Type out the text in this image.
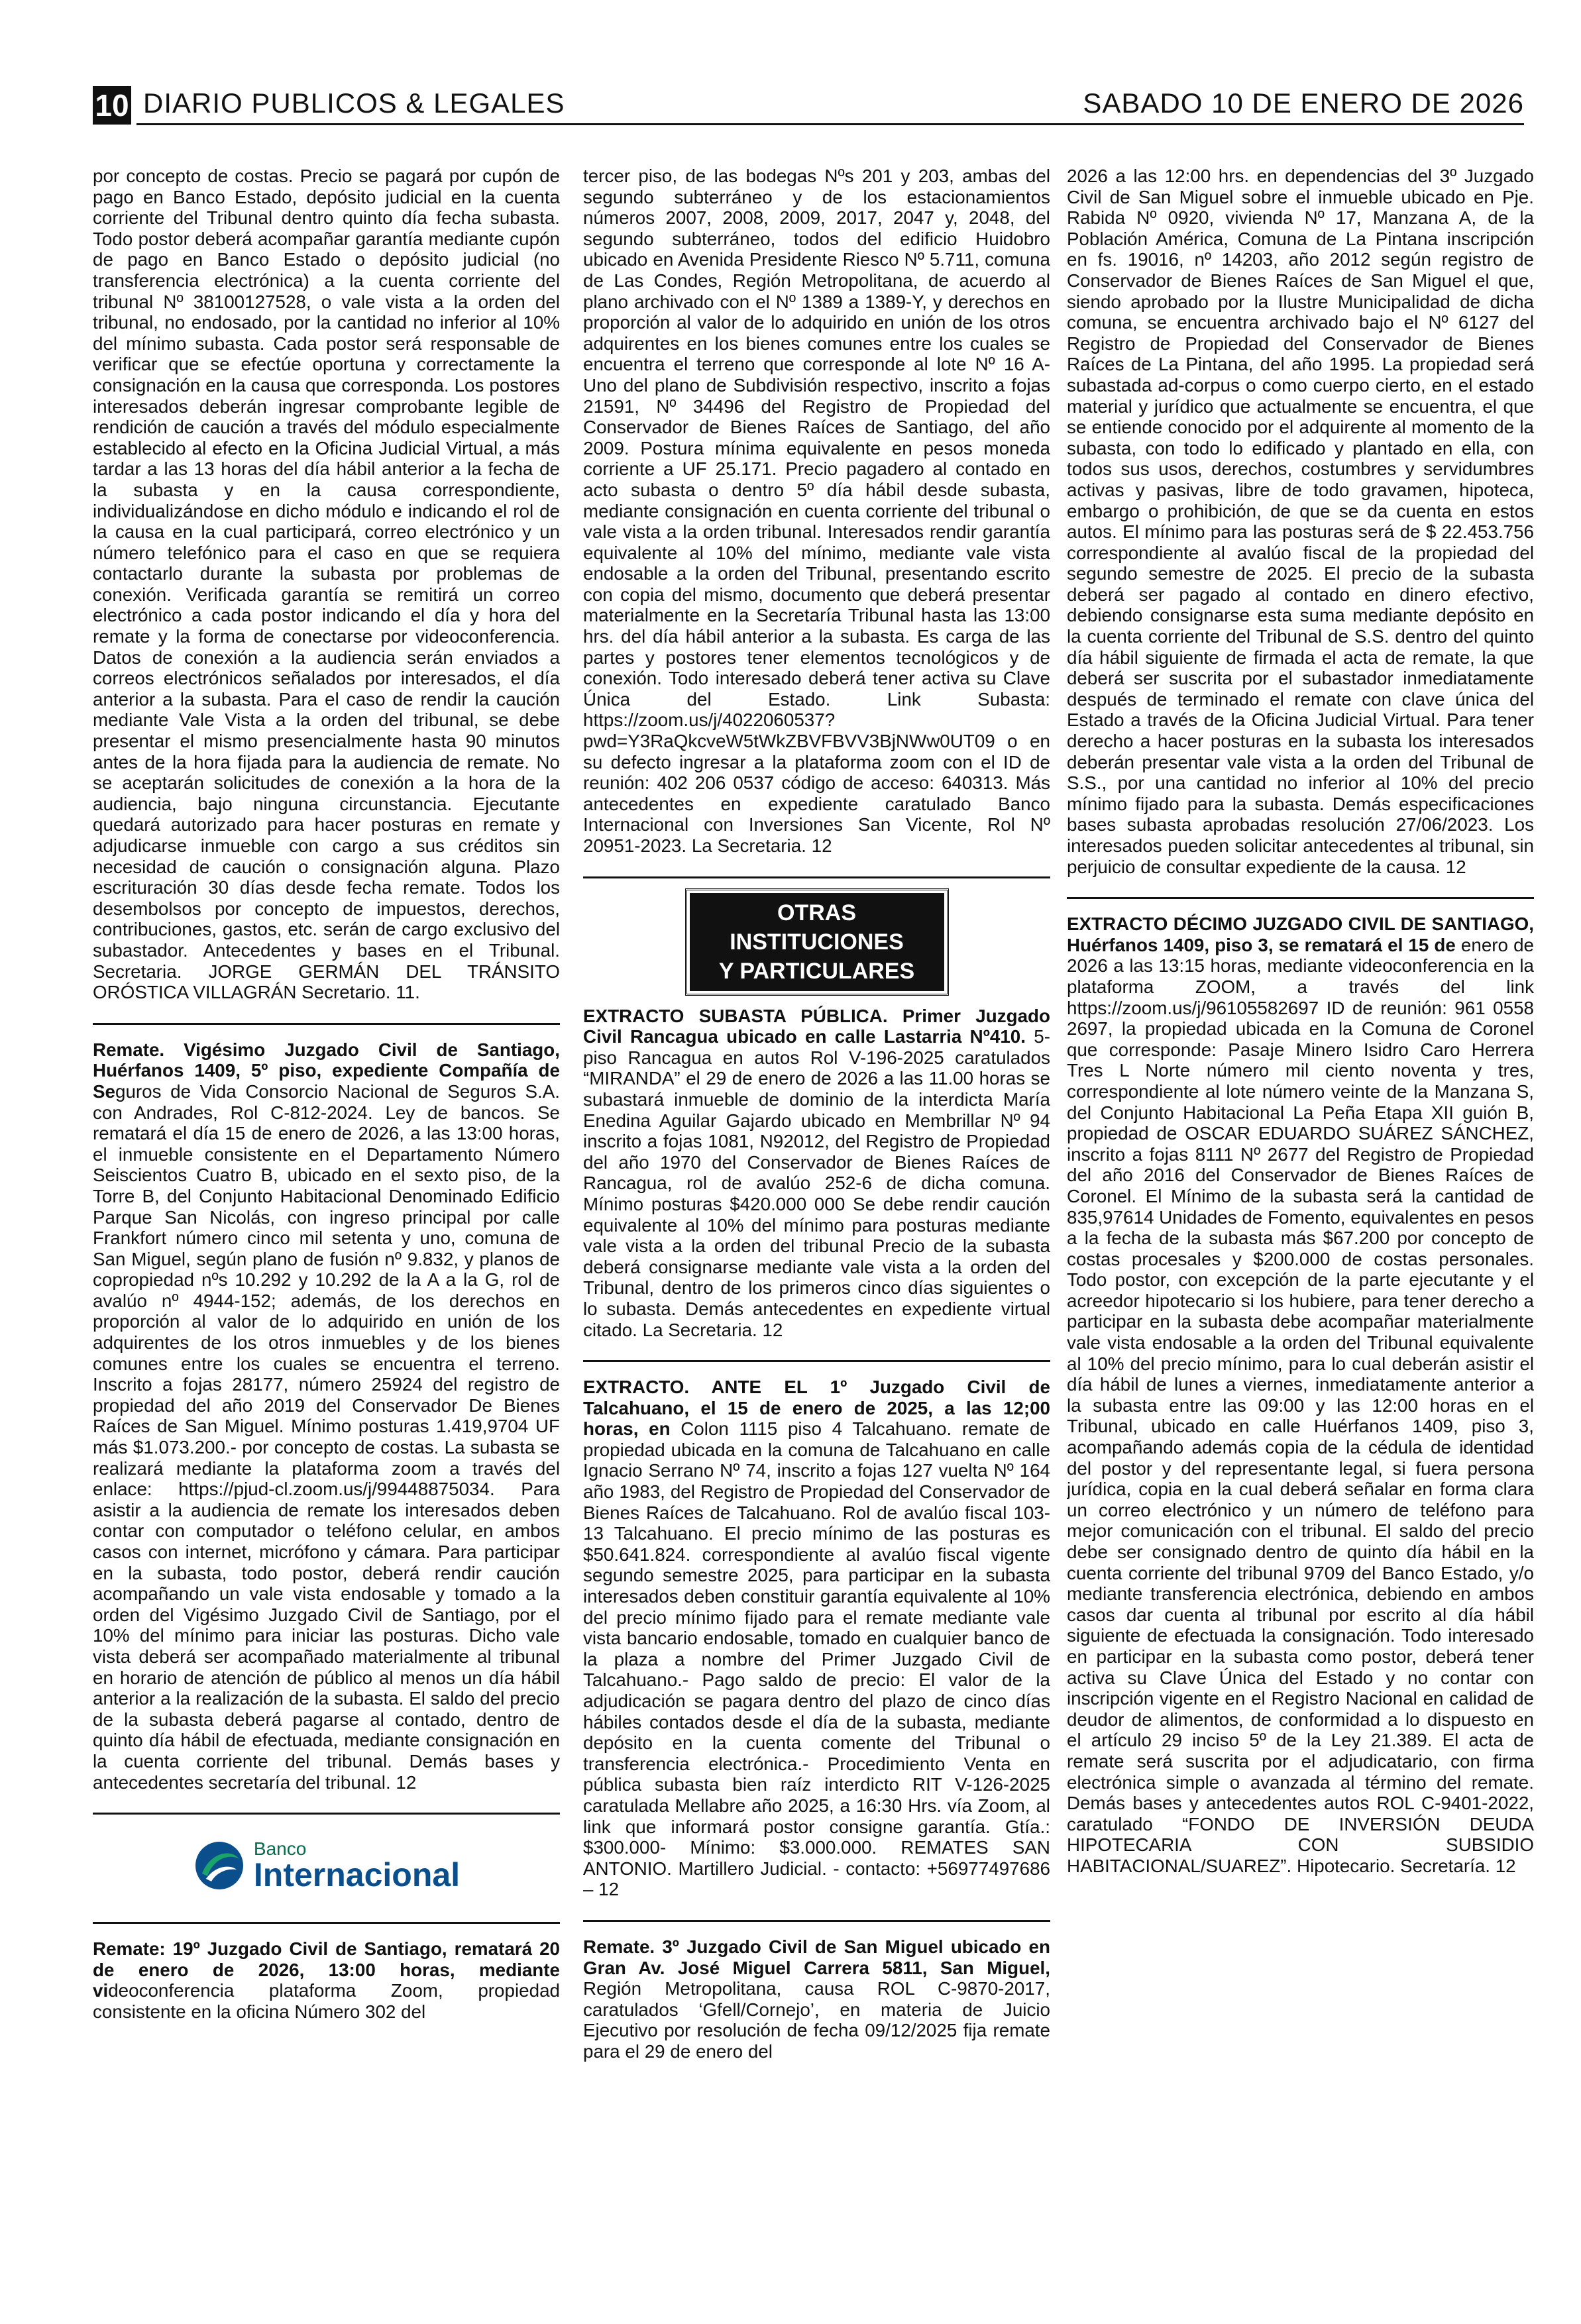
10 DIARIO PUBLICOS & LEGALES	SABADO 10 DE ENERO DE 2026

por concepto de costas. Precio se pagará por cupón de pago en Banco Estado, depósito judicial en la cuenta corriente del Tribunal dentro quinto día fecha subasta. Todo postor deberá acompañar garantía mediante cupón de pago en Banco Estado o depósito judicial (no transferencia electrónica) a la cuenta corriente del tribunal Nº 38100127528, o vale vista a la orden del tribunal, no endosado, por la cantidad no inferior al 10% del mínimo subasta. Cada postor será responsable de verificar que se efectúe oportuna y correctamente la consignación en la causa que corresponda. Los postores interesados deberán ingresar comprobante legible de rendición de caución a través del módulo especialmente establecido al efecto en la Oficina Judicial Virtual, a más tardar a las 13 horas del día hábil anterior a la fecha de la subasta y en la causa correspondiente, individualizándose en dicho módulo e indicando el rol de la causa en la cual participará, correo electrónico y un número telefónico para el caso en que se requiera contactarlo durante la subasta por problemas de conexión. Verificada garantía se remitirá un correo electrónico a cada postor indicando el día y hora del remate y la forma de conectarse por videoconferencia. Datos de conexión a la audiencia serán enviados a correos electrónicos señalados por interesados, el día anterior a la subasta. Para el caso de rendir la caución mediante Vale Vista a la orden del tribunal, se debe presentar el mismo presencialmente hasta 90 minutos antes de la hora fijada para la audiencia de remate. No se aceptarán solicitudes de conexión a la hora de la audiencia, bajo ninguna circunstancia. Ejecutante quedará autorizado para hacer posturas en remate y adjudicarse inmueble con cargo a sus créditos sin necesidad de caución o consignación alguna. Plazo escrituración 30 días desde fecha remate. Todos los desembolsos por concepto de impuestos, derechos, contribuciones, gastos, etc. serán de cargo exclusivo del subastador. Antecedentes y bases en el Tribunal. Secretaria. JORGE GERMÁN DEL TRÁNSITO ORÓSTICA VILLAGRÁN Secretario. 11.

Remate. Vigésimo Juzgado Civil de Santiago, Huérfanos 1409, 5º piso, expediente Compañía de Seguros de Vida Consorcio Nacional de Seguros S.A. con Andrades, Rol C-812-2024. Ley de bancos. Se rematará el día 15 de enero de 2026, a las 13:00 horas, el inmueble consistente en el Departamento Número Seiscientos Cuatro B, ubicado en el sexto piso, de la Torre B, del Conjunto Habitacional Denominado Edificio Parque San Nicolás, con ingreso principal por calle Frankfort número cinco mil setenta y uno, comuna de San Miguel, según plano de fusión nº 9.832, y planos de copropiedad nºs 10.292 y 10.292 de la A a la G, rol de avalúo nº 4944-152; además, de los derechos en proporción al valor de lo adquirido en unión de los adquirentes de los otros inmuebles y de los bienes comunes entre los cuales se encuentra el terreno. Inscrito a fojas 28177, número 25924 del registro de propiedad del año 2019 del Conservador De Bienes Raíces de San Miguel. Mínimo posturas 1.419,9704 UF más $1.073.200.- por concepto de costas. La subasta se realizará mediante la plataforma zoom a través del enlace: https://pjud-cl.zoom.us/j/99448875034. Para asistir a la audiencia de remate los interesados deben contar con computador o teléfono celular, en ambos casos con internet, micrófono y cámara. Para participar en la subasta, todo postor, deberá rendir caución acompañando un vale vista endosable y tomado a la orden del Vigésimo Juzgado Civil de Santiago, por el 10% del mínimo para iniciar las posturas. Dicho vale vista deberá ser acompañado materialmente al tribunal en horario de atención de público al menos un día hábil anterior a la realización de la subasta. El saldo del precio de la subasta deberá pagarse al contado, dentro de quinto día hábil de efectuada, mediante consignación en la cuenta corriente del tribunal. Demás bases y antecedentes secretaría del tribunal. 12

Banco
Internacional

Remate: 19º Juzgado Civil de Santiago, rematará 20 de enero de 2026, 13:00 horas, mediante videoconferencia plataforma Zoom, propiedad consistente en la oficina Número 302 del

tercer piso, de las bodegas Nºs 201 y 203, ambas del segundo subterráneo y de los estacionamientos números 2007, 2008, 2009, 2017, 2047 y, 2048, del segundo subterráneo, todos del edificio Huidobro ubicado en Avenida Presidente Riesco Nº 5.711, comuna de Las Condes, Región Metropolitana, de acuerdo al plano archivado con el Nº 1389 a 1389-Y, y derechos en proporción al valor de lo adquirido en unión de los otros adquirentes en los bienes comunes entre los cuales se encuentra el terreno que corresponde al lote Nº 16 A- Uno del plano de Subdivisión respectivo, inscrito a fojas 21591, Nº 34496 del Registro de Propiedad del Conservador de Bienes Raíces de Santiago, del año 2009. Postura mínima equivalente en pesos moneda corriente a UF 25.171. Precio pagadero al contado en acto subasta o dentro 5º día hábil desde subasta, mediante consignación en cuenta corriente del tribunal o vale vista a la orden tribunal. Interesados rendir garantía equivalente al 10% del mínimo, mediante vale vista endosable a la orden del Tribunal, presentando escrito con copia del mismo, documento que deberá presentar materialmente en la Secretaría Tribunal hasta las 13:00 hrs. del día hábil anterior a la subasta. Es carga de las partes y postores tener elementos tecnológicos y de conexión. Todo interesado deberá tener activa su Clave Única del Estado. Link Subasta: https://zoom.us/j/4022060537?pwd=Y3RaQkcveW5tWkZBVFBVV3BjNWw0UT09 o en su defecto ingresar a la plataforma zoom con el ID de reunión: 402 206 0537 código de acceso: 640313. Más antecedentes en expediente caratulado Banco Internacional con Inversiones San Vicente, Rol Nº 20951-2023. La Secretaria. 12

OTRAS INSTITUCIONES
Y PARTICULARES

EXTRACTO SUBASTA PÚBLICA. Primer Juzgado Civil Rancagua ubicado en calle Lastarria Nº410. 5- piso Rancagua en autos Rol V-196-2025 caratulados “MIRANDA” el 29 de enero de 2026 a las 11.00 horas se subastará inmueble de dominio de la interdicta María Enedina Aguilar Gajardo ubicado en Membrillar Nº 94 inscrito a fojas 1081, N92012, del Registro de Propiedad del año 1970 del Conservador de Bienes Raíces de Rancagua, rol de avalúo 252-6 de dicha comuna. Mínimo posturas $420.000 000 Se debe rendir caución equivalente al 10% del mínimo para posturas mediante vale vista a la orden del tribunal Precio de la subasta deberá consignarse mediante vale vista a la orden del Tribunal, dentro de los primeros cinco días siguientes o lo subasta. Demás antecedentes en expediente virtual citado. La Secretaria. 12

EXTRACTO. ANTE EL 1º Juzgado Civil de Talcahuano, el 15 de enero de 2025, a las 12;00 horas, en Colon 1115 piso 4 Talcahuano. remate de propiedad ubicada en la comuna de Talcahuano en calle Ignacio Serrano Nº 74, inscrito a fojas 127 vuelta Nº 164 año 1983, del Registro de Propiedad del Conservador de Bienes Raíces de Talcahuano. Rol de avalúo fiscal 103-13 Talcahuano. El precio mínimo de las posturas es $50.641.824. correspondiente al avalúo fiscal vigente segundo semestre 2025, para participar en la subasta interesados deben constituir garantía equivalente al 10% del precio mínimo fijado para el remate mediante vale vista bancario endosable, tomado en cualquier banco de la plaza a nombre del Primer Juzgado Civil de Talcahuano.- Pago saldo de precio: El valor de la adjudicación se pagara dentro del plazo de cinco días hábiles contados desde el día de la subasta, mediante depósito en la cuenta comente del Tribunal o transferencia electrónica.- Procedimiento Venta en pública subasta bien raíz interdicto RIT V-126-2025 caratulada Mellabre año 2025, a 16:30 Hrs. vía Zoom, al link que informará postor consigne garantía. Gtía.: $300.000- Mínimo: $3.000.000. REMATES SAN ANTONIO. Martillero Judicial. - contacto: +56977497686 – 12

Remate. 3º Juzgado Civil de San Miguel ubicado en Gran Av. José Miguel Carrera 5811, San Miguel, Región Metropolitana, causa ROL C-9870-2017, caratulados ‘Gfell/Cornejo’, en materia de Juicio Ejecutivo por resolución de fecha 09/12/2025 fija remate para el 29 de enero del

2026 a las 12:00 hrs. en dependencias del 3º Juzgado Civil de San Miguel sobre el inmueble ubicado en Pje. Rabida Nº 0920, vivienda Nº 17, Manzana A, de la Población América, Comuna de La Pintana inscripción en fs. 19016, nº 14203, año 2012 según registro de Conservador de Bienes Raíces de San Miguel el que, siendo aprobado por la Ilustre Municipalidad de dicha comuna, se encuentra archivado bajo el Nº 6127 del Registro de Propiedad del Conservador de Bienes Raíces de La Pintana, del año 1995. La propiedad será subastada ad-corpus o como cuerpo cierto, en el estado material y jurídico que actualmente se encuentra, el que se entiende conocido por el adquirente al momento de la subasta, con todo lo edificado y plantado en ella, con todos sus usos, derechos, costumbres y servidumbres activas y pasivas, libre de todo gravamen, hipoteca, embargo o prohibición, de que se da cuenta en estos autos. El mínimo para las posturas será de $ 22.453.756 correspondiente al avalúo fiscal de la propiedad del segundo semestre de 2025. El precio de la subasta deberá ser pagado al contado en dinero efectivo, debiendo consignarse esta suma mediante depósito en la cuenta corriente del Tribunal de S.S. dentro del quinto día hábil siguiente de firmada el acta de remate, la que deberá ser suscrita por el subastador inmediatamente después de terminado el remate con clave única del Estado a través de la Oficina Judicial Virtual. Para tener derecho a hacer posturas en la subasta los interesados deberán presentar vale vista a la orden del Tribunal de S.S., por una cantidad no inferior al 10% del precio mínimo fijado para la subasta. Demás especificaciones bases subasta aprobadas resolución 27/06/2023. Los interesados pueden solicitar antecedentes al tribunal, sin perjuicio de consultar expediente de la causa. 12

EXTRACTO DÉCIMO JUZGADO CIVIL DE SANTIAGO, Huérfanos 1409, piso 3, se rematará el 15 de enero de 2026 a las 13:15 horas, mediante videoconferencia en la plataforma ZOOM, a través del link https://zoom.us/j/96105582697 ID de reunión: 961 0558 2697, la propiedad ubicada en la Comuna de Coronel que corresponde: Pasaje Minero Isidro Caro Herrera Tres L Norte número mil ciento noventa y tres, correspondiente al lote número veinte de la Manzana S, del Conjunto Habitacional La Peña Etapa XII guión B, propiedad de OSCAR EDUARDO SUÁREZ SÁNCHEZ, inscrito a fojas 8111 Nº 2677 del Registro de Propiedad del año 2016 del Conservador de Bienes Raíces de Coronel. El Mínimo de la subasta será la cantidad de 835,97614 Unidades de Fomento, equivalentes en pesos a la fecha de la subasta más $67.200 por concepto de costas procesales y $200.000 de costas personales. Todo postor, con excepción de la parte ejecutante y el acreedor hipotecario si los hubiere, para tener derecho a participar en la subasta debe acompañar materialmente vale vista endosable a la orden del Tribunal equivalente al 10% del precio mínimo, para lo cual deberán asistir el día hábil de lunes a viernes, inmediatamente anterior a la subasta entre las 09:00 y las 12:00 horas en el Tribunal, ubicado en calle Huérfanos 1409, piso 3, acompañando además copia de la cédula de identidad del postor y del representante legal, si fuera persona jurídica, copia en la cual deberá señalar en forma clara un correo electrónico y un número de teléfono para mejor comunicación con el tribunal. El saldo del precio debe ser consignado dentro de quinto día hábil en la cuenta corriente del tribunal 9709 del Banco Estado, y/o mediante transferencia electrónica, debiendo en ambos casos dar cuenta al tribunal por escrito al día hábil siguiente de efectuada la consignación. Todo interesado en participar en la subasta como postor, deberá tener activa su Clave Única del Estado y no contar con inscripción vigente en el Registro Nacional en calidad de deudor de alimentos, de conformidad a lo dispuesto en el artículo 29 inciso 5º de la Ley 21.389. El acta de remate será suscrita por el adjudicatario, con firma electrónica simple o avanzada al término del remate. Demás bases y antecedentes autos ROL C-9401-2022, caratulado “FONDO DE INVERSIÓN DEUDA HIPOTECARIA CON SUBSIDIO HABITACIONAL/SUAREZ”. Hipotecario. Secretaría. 12
